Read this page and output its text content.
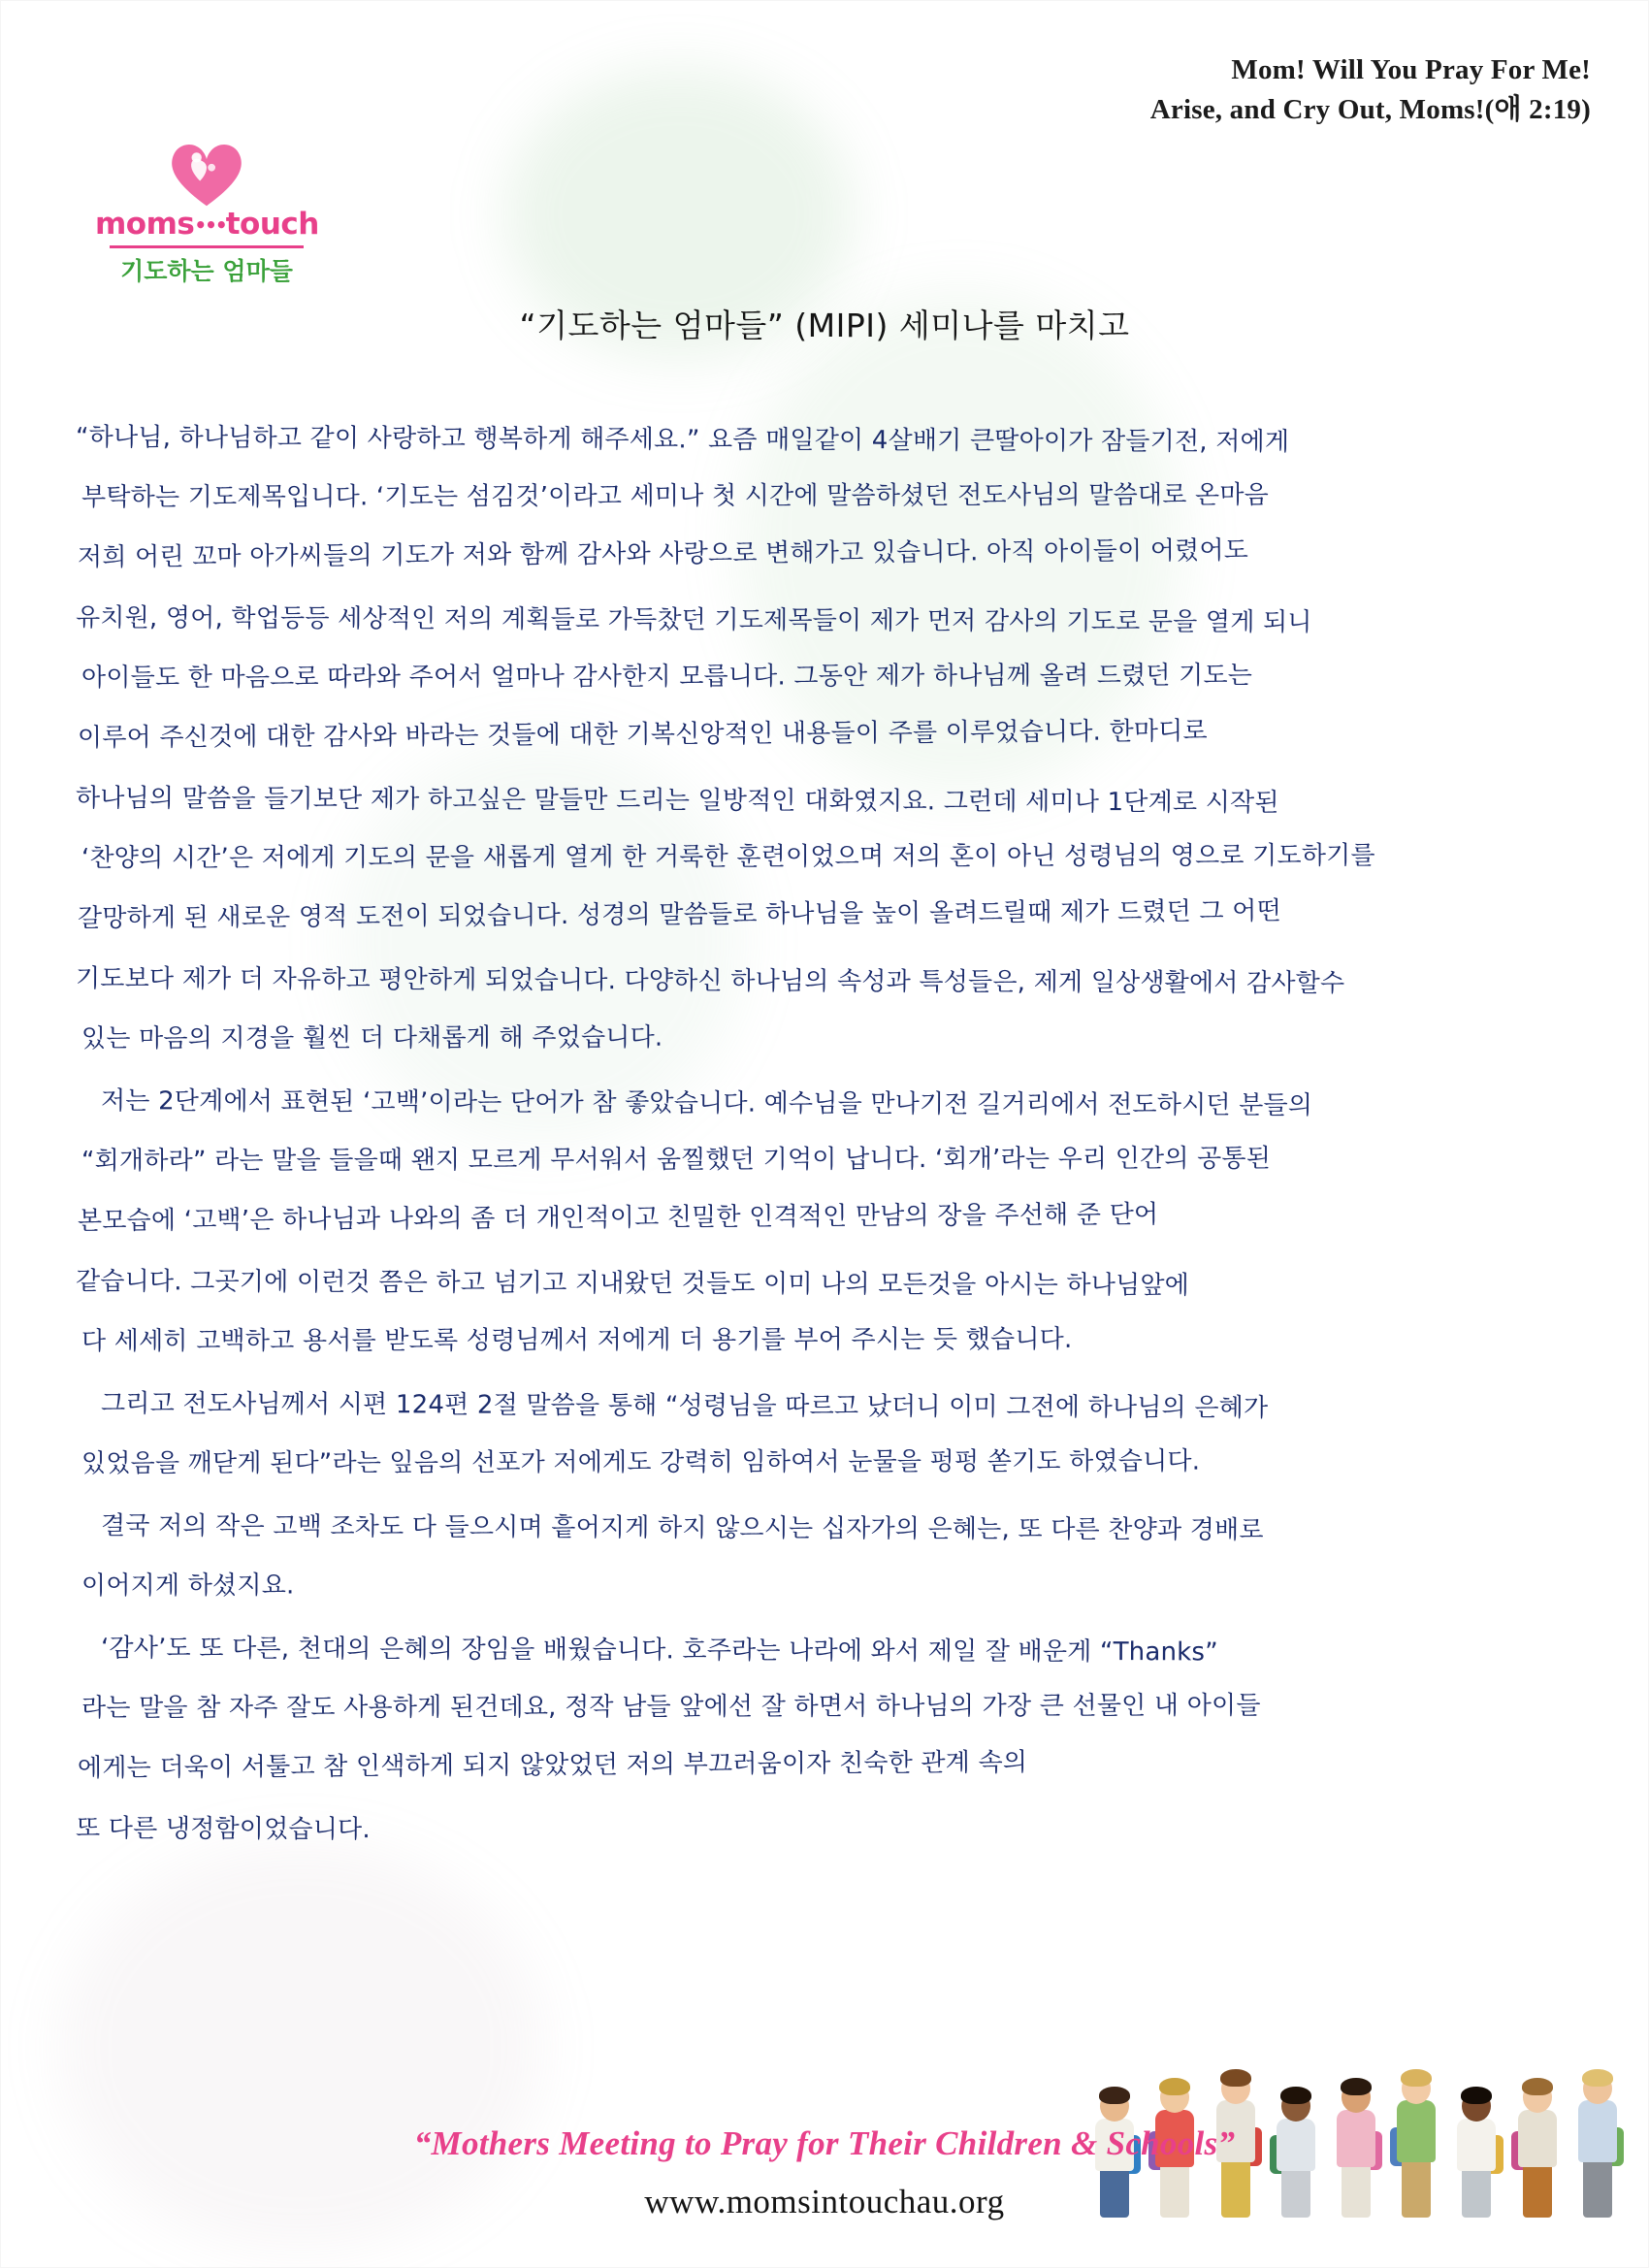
Mom! Will You Pray For Me!
Arise, and Cry Out, Moms!(애 2:19)
moms•••touch
기도하는 엄마들
“기도하는 엄마들” (MIPI) 세미나를 마치고
“하나님, 하나님하고 같이 사랑하고 행복하게 해주세요.” 요즘 매일같이 4살배기 큰딸아이가 잠들기전, 저에게
부탁하는 기도제목입니다. ‘기도는 섬김것’이라고 세미나 첫 시간에 말씀하셨던 전도사님의 말씀대로 온마음
저희 어린 꼬마 아가씨들의 기도가 저와 함께 감사와 사랑으로 변해가고 있습니다. 아직 아이들이 어렸어도
유치원, 영어, 학업등등 세상적인 저의 계획들로 가득찼던 기도제목들이 제가 먼저 감사의 기도로 문을 열게 되니
아이들도 한 마음으로 따라와 주어서 얼마나 감사한지 모릅니다. 그동안 제가 하나님께 올려 드렸던 기도는
이루어 주신것에 대한 감사와 바라는 것들에 대한 기복신앙적인 내용들이 주를 이루었습니다. 한마디로
하나님의 말씀을 들기보단 제가 하고싶은 말들만 드리는 일방적인 대화였지요. 그런데 세미나 1단계로 시작된
‘찬양의 시간’은 저에게 기도의 문을 새롭게 열게 한 거룩한 훈련이었으며 저의 혼이 아닌 성령님의 영으로 기도하기를
갈망하게 된 새로운 영적 도전이 되었습니다. 성경의 말씀들로 하나님을 높이 올려드릴때 제가 드렸던 그 어떤
기도보다 제가 더 자유하고 평안하게 되었습니다. 다양하신 하나님의 속성과 특성들은, 제게 일상생활에서 감사할수
있는 마음의 지경을 훨씬 더 다채롭게 해 주었습니다.
저는 2단계에서 표현된 ‘고백’이라는 단어가 참 좋았습니다. 예수님을 만나기전 길거리에서 전도하시던 분들의
“회개하라” 라는 말을 들을때 왠지 모르게 무서워서 움찔했던 기억이 납니다. ‘회개’라는 우리 인간의 공통된
본모습에 ‘고백’은 하나님과 나와의 좀 더 개인적이고 친밀한 인격적인 만남의 장을 주선해 준 단어
같습니다. 그곳기에 이런것 쯤은 하고 넘기고 지내왔던 것들도 이미 나의 모든것을 아시는 하나님앞에
다 세세히 고백하고 용서를 받도록 성령님께서 저에게 더 용기를 부어 주시는 듯 했습니다.
그리고 전도사님께서 시편 124편 2절 말씀을 통해 “성령님을 따르고 났더니 이미 그전에 하나님의 은혜가
있었음을 깨닫게 된다”라는 잎음의 선포가 저에게도 강력히 임하여서 눈물을 펑펑 쏟기도 하였습니다.
결국 저의 작은 고백 조차도 다 들으시며 흩어지게 하지 않으시는 십자가의 은혜는, 또 다른 찬양과 경배로
이어지게 하셨지요.
‘감사’도 또 다른, 천대의 은혜의 장임을 배웠습니다. 호주라는 나라에 와서 제일 잘 배운게 “Thanks”
라는 말을 참 자주 잘도 사용하게 된건데요, 정작 남들 앞에선 잘 하면서 하나님의 가장 큰 선물인 내 아이들
에게는 더욱이 서툴고 참 인색하게 되지 않았었던 저의 부끄러움이자 친숙한 관계 속의
또 다른 냉정함이었습니다.
“Mothers Meeting to Pray for Their Children & Schools”
www.momsintouchau.org
